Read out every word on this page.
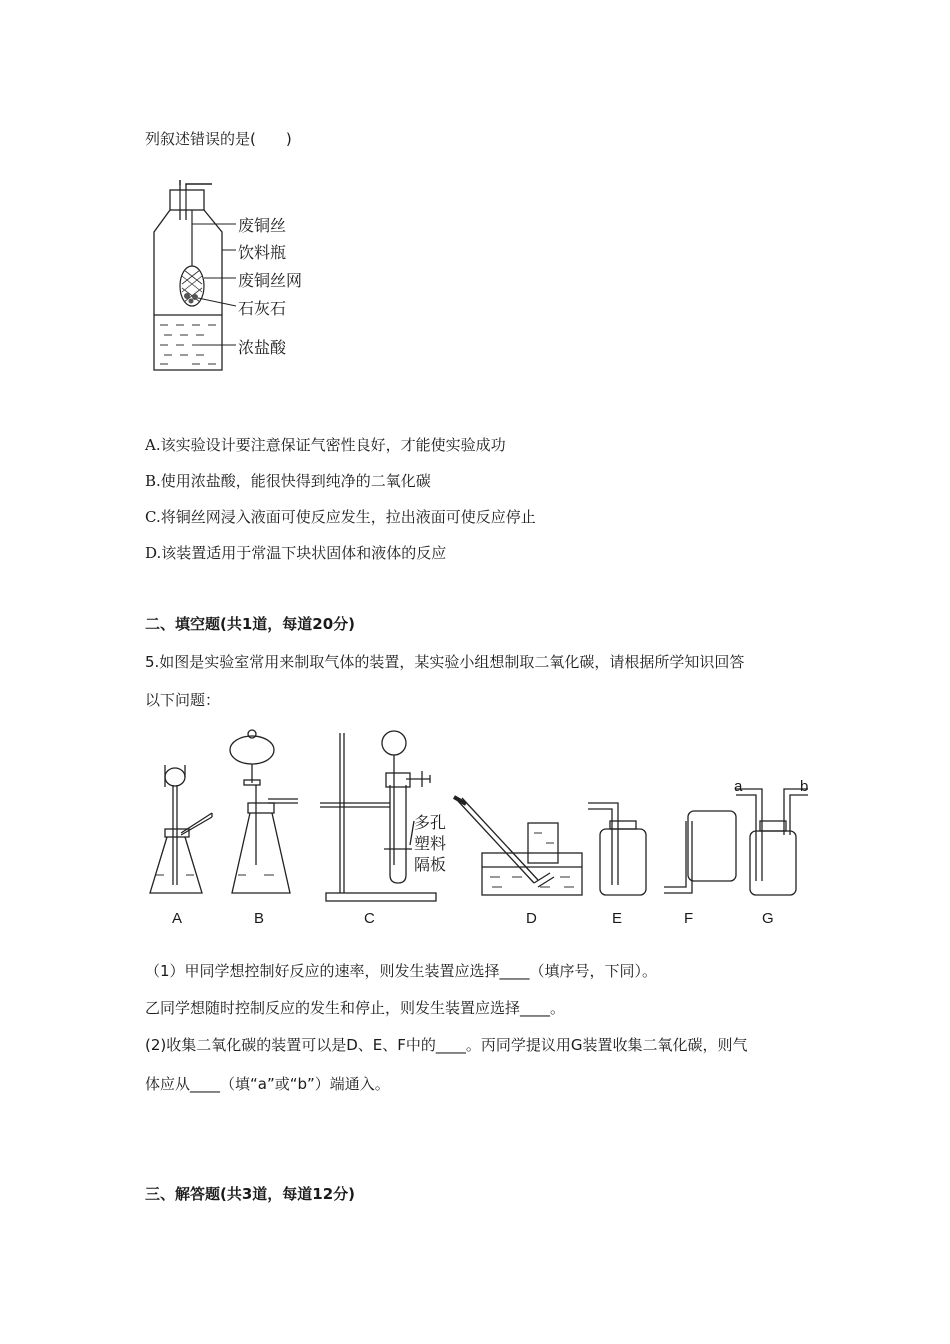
列叙述错误的是(　　)
废铜丝
饮料瓶
废铜丝网
石灰石
浓盐酸
A.该实验设计要注意保证气密性良好，才能使实验成功
B.使用浓盐酸，能很快得到纯净的二氧化碳
C.将铜丝网浸入液面可使反应发生，拉出液面可使反应停止
D.该装置适用于常温下块状固体和液体的反应
二、填空题(共1道，每道20分)
5.如图是实验室常用来制取气体的装置，某实验小组想制取二氧化碳，请根据所学知识回答
以下问题：
A	B	C	D	E	F	G
多孔
塑料
隔板
a	b
（1）甲同学想控制好反应的速率，则发生装置应选择____（填序号，下同）。
乙同学想随时控制反应的发生和停止，则发生装置应选择____。
(2)收集二氧化碳的装置可以是D、E、F中的____。丙同学提议用G装置收集二氧化碳，则气
体应从____（填“a”或“b”）端通入。
三、解答题(共3道，每道12分)
